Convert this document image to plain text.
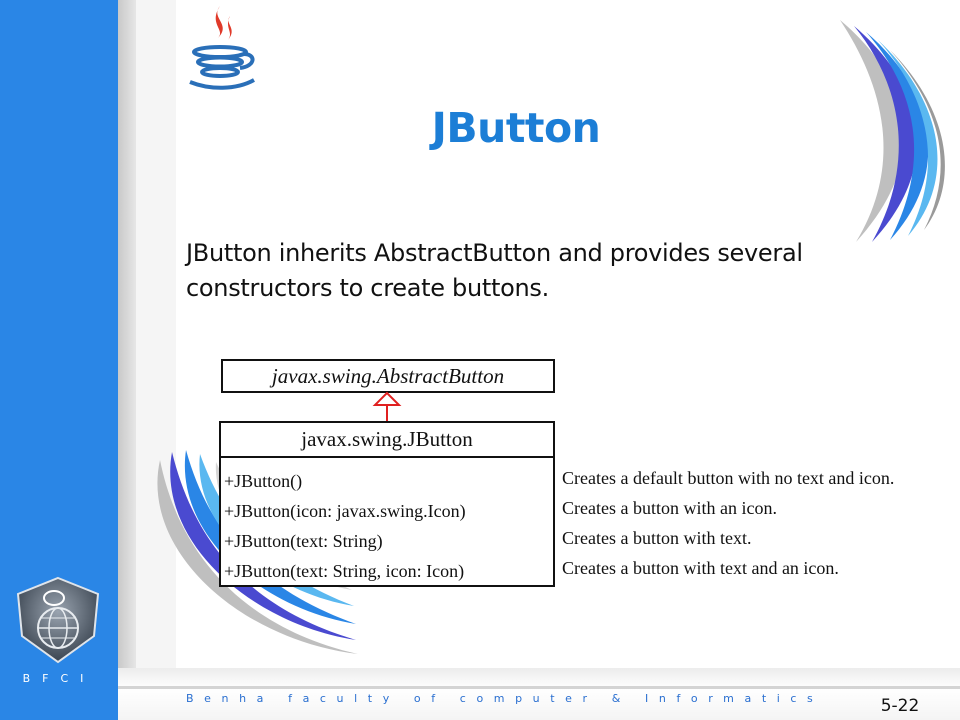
JButton
JButton inherits AbstractButton and provides several constructors to create buttons.
javax.swing.AbstractButton
javax.swing.JButton
+JButton()
+JButton(icon: javax.swing.Icon)
+JButton(text: String)
+JButton(text: String, icon: Icon)
Creates a default button with no text and icon.
Creates a button with an icon.
Creates a button with text.
Creates a button with text and an icon.
BFCI
Benha faculty of computer & Informatics	5-22
